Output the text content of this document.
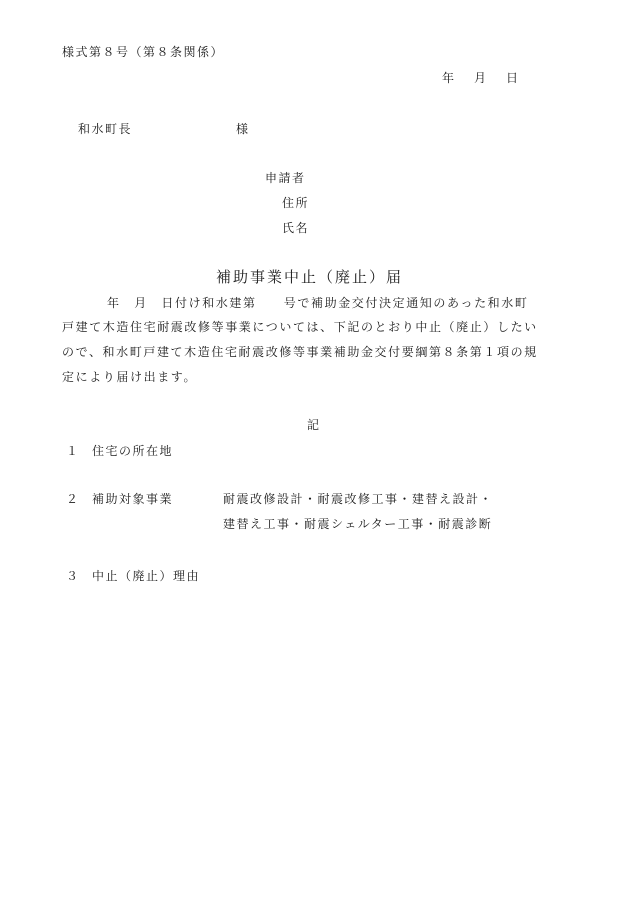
様式第８号（第８条関係）
年　月　日
和水町長	様
申請者
住所
氏名
補助事業中止（廃止）届
年　月　日付け和水建第　　号で補助金交付決定通知のあった和水町
戸建て木造住宅耐震改修等事業については、下記のとおり中止（廃止）したい
ので、和水町戸建て木造住宅耐震改修等事業補助金交付要綱第８条第１項の規
定により届け出ます。
記
１ 住宅の所在地
２ 補助対象事業	耐震改修設計・耐震改修工事・建替え設計・
建替え工事・耐震シェルター工事・耐震診断
３ 中止（廃止）理由
